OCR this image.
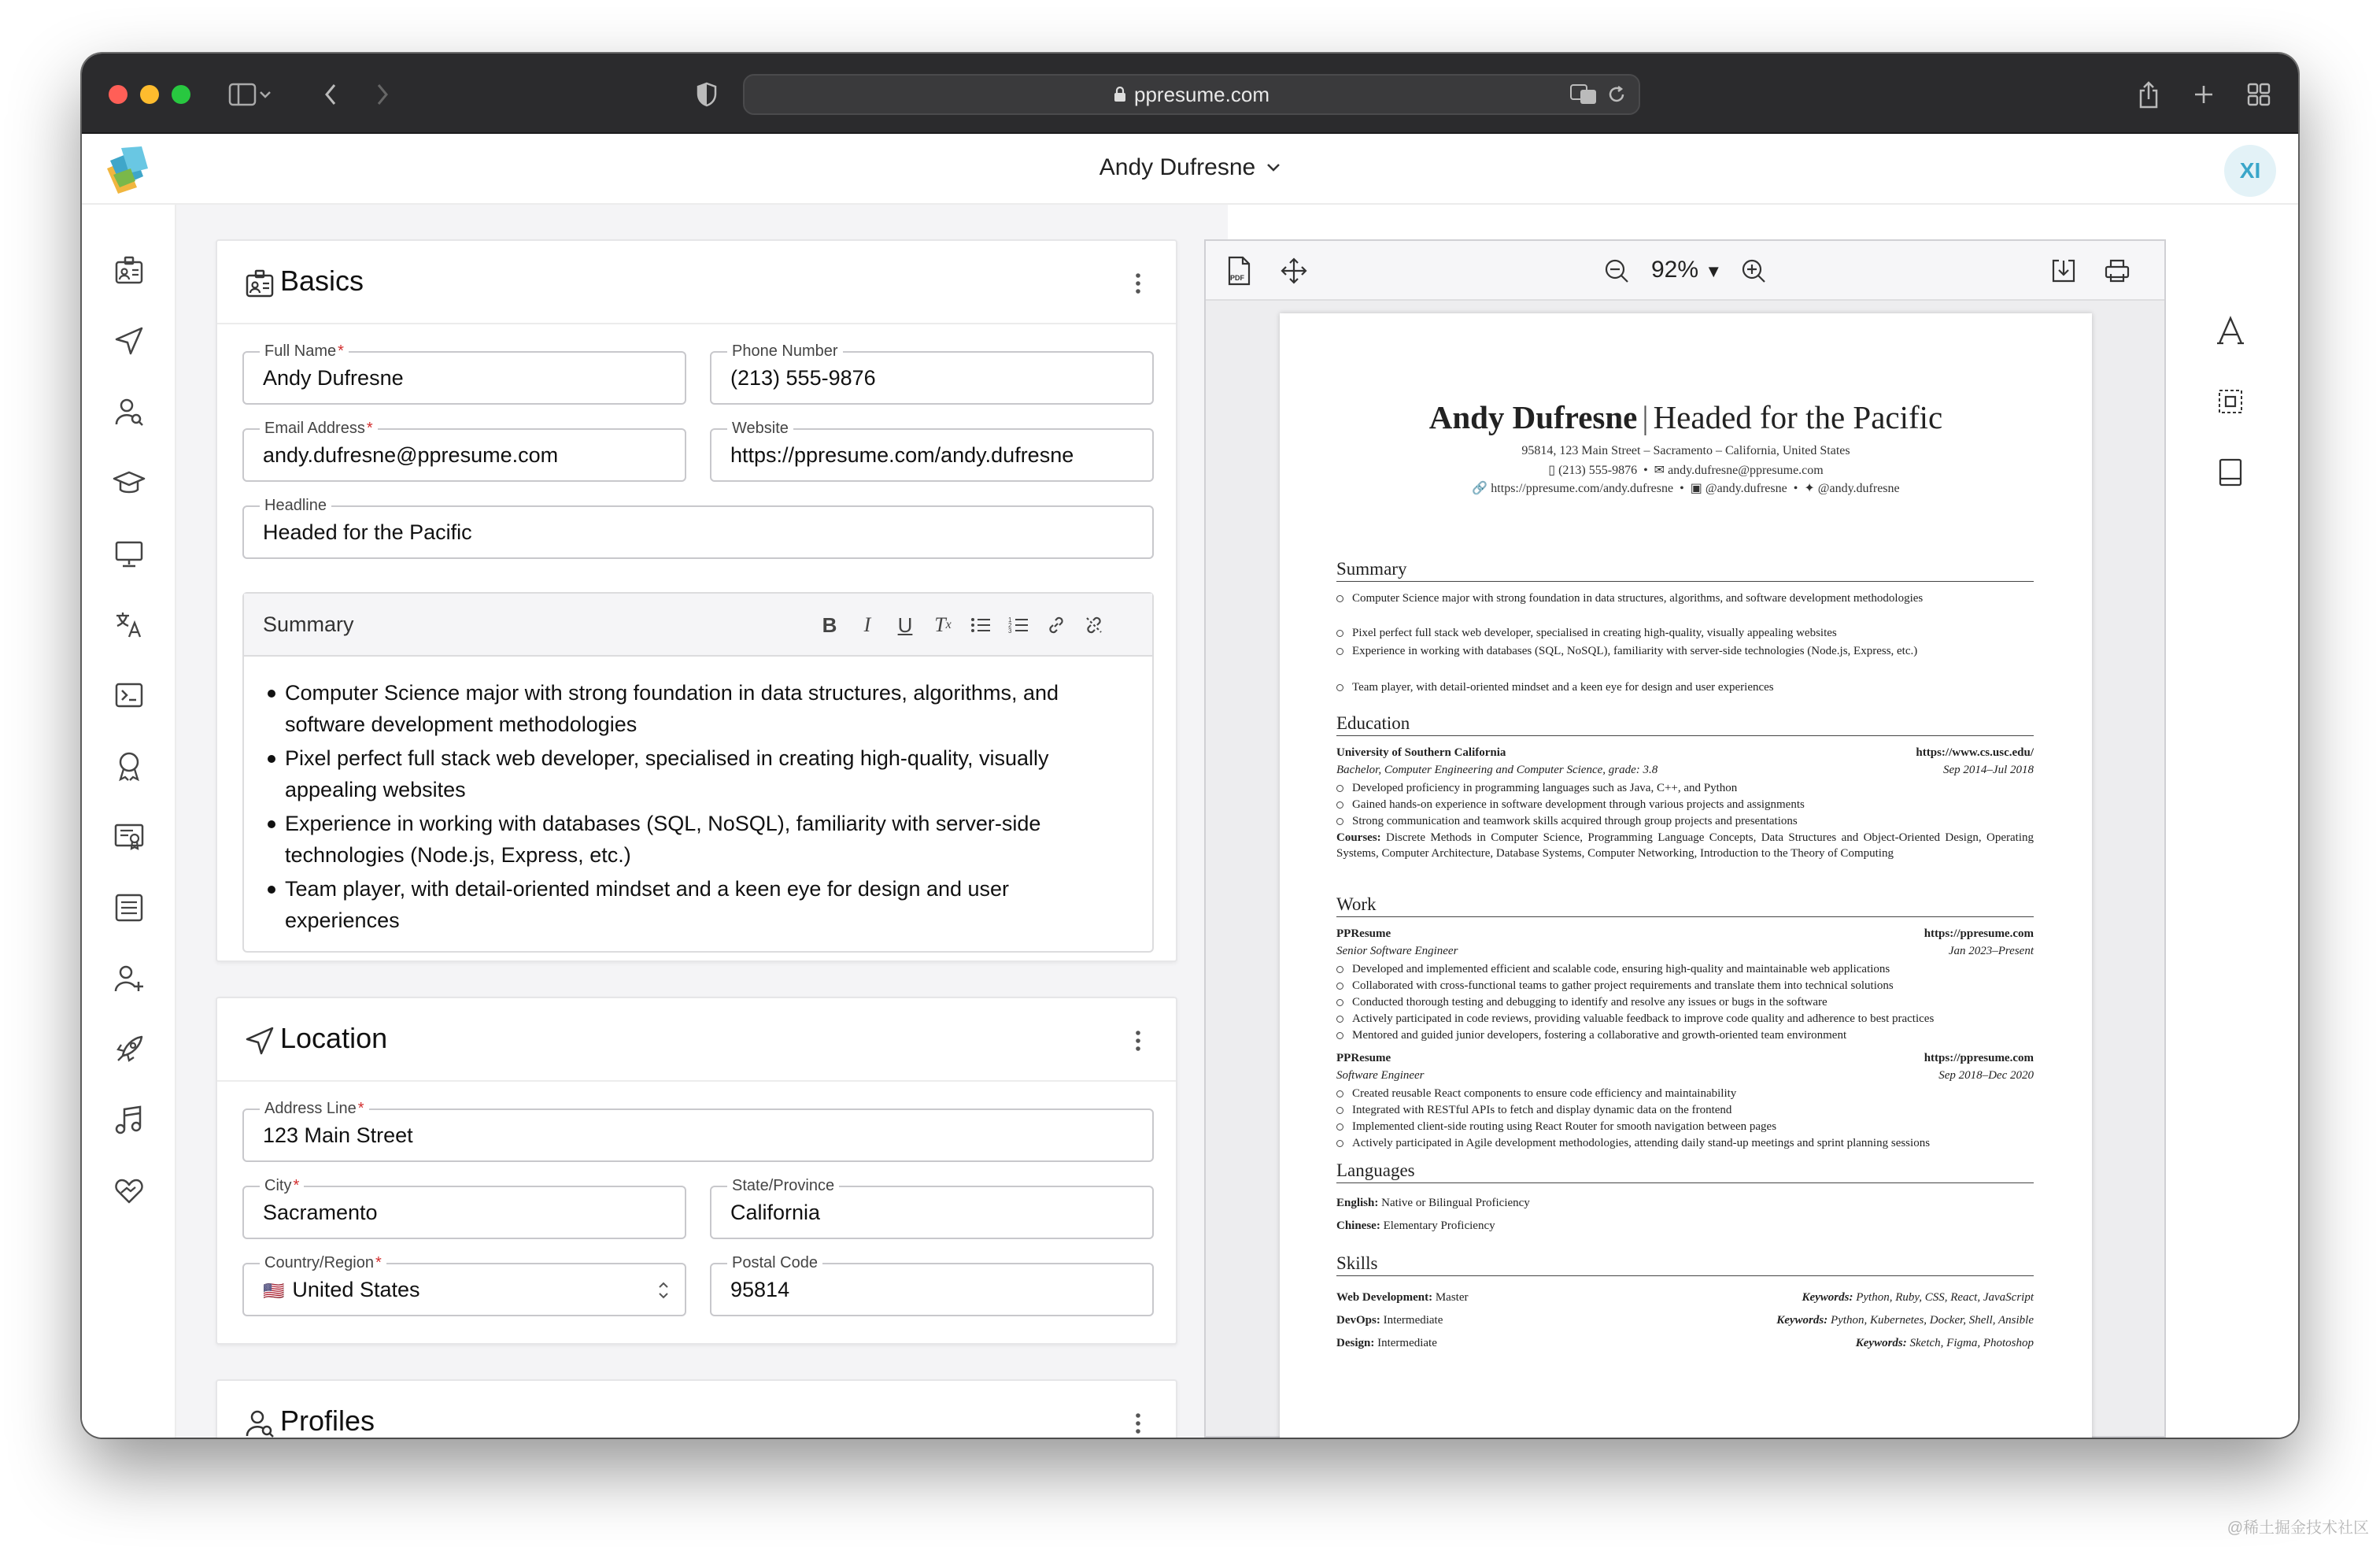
ppresume.com
Andy Dufresne	XI
Basics
Full Name *
Andy Dufresne
Phone Number
(213) 555-9876
Email Address *
andy.dufresne@ppresume.com
Website
https://ppresume.com/andy.dufresne
Headline
Headed for the Pacific
Summary	B	I	U	T x	1
2
3
Computer Science major with strong foundation in data structures, algorithms, and software development methodologies
Pixel perfect full stack web developer, specialised in creating high-quality, visually appealing websites
Experience in working with databases (SQL, NoSQL), familiarity with server-side technologies (Node.js, Express, etc.)
Team player, with detail-oriented mindset and a keen eye for design and user experiences
Location
Address Line *
123 Main Street
City *
Sacramento
State/Province
California
Country/Region *
🇺🇸 United States
Postal Code
95814
Profiles
PDF	92% ▼
Andy Dufresne | Headed for the Pacific
95814, 123 Main Street – Sacramento – California, United States
▯ (213) 555-9876  •  ✉ andy.dufresne@ppresume.com
🔗 https://ppresume.com/andy.dufresne  •  ▣ @andy.dufresne  •  ✦ @andy.dufresne
Summary
Computer Science major with strong foundation in data structures, algorithms, and software development methodologies
Pixel perfect full stack web developer, specialised in creating high-quality, visually appealing websites
Experience in working with databases (SQL, NoSQL), familiarity with server-side technologies (Node.js, Express, etc.)
Team player, with detail-oriented mindset and a keen eye for design and user experiences
Education
University of Southern California	https://www.cs.usc.edu/
Bachelor, Computer Engineering and Computer Science, grade: 3.8	Sep 2014–Jul 2018
Developed proficiency in programming languages such as Java, C++, and Python
Gained hands-on experience in software development through various projects and assignments
Strong communication and teamwork skills acquired through group projects and presentations
Courses: Discrete Methods in Computer Science, Programming Language Concepts, Data Structures and Object-Oriented Design, Operating Systems, Computer Architecture, Database Systems, Computer Networking, Introduction to the Theory of Computing
Work
PPResume	https://ppresume.com
Senior Software Engineer	Jan 2023–Present
Developed and implemented efficient and scalable code, ensuring high-quality and maintainable web applications
Collaborated with cross-functional teams to gather project requirements and translate them into technical solutions
Conducted thorough testing and debugging to identify and resolve any issues or bugs in the software
Actively participated in code reviews, providing valuable feedback to improve code quality and adherence to best practices
Mentored and guided junior developers, fostering a collaborative and growth-oriented team environment
PPResume	https://ppresume.com
Software Engineer	Sep 2018–Dec 2020
Created reusable React components to ensure code efficiency and maintainability
Integrated with RESTful APIs to fetch and display dynamic data on the frontend
Implemented client-side routing using React Router for smooth navigation between pages
Actively participated in Agile development methodologies, attending daily stand-up meetings and sprint planning sessions
Languages
English:
Native or Bilingual Proficiency
Chinese:
Elementary Proficiency
Skills
Web Development: Master	Keywords: Python, Ruby, CSS, React, JavaScript
DevOps: Intermediate	Keywords: Python, Kubernetes, Docker, Shell, Ansible
Design: Intermediate	Keywords: Sketch, Figma, Photoshop
@稀土掘金技术社区
